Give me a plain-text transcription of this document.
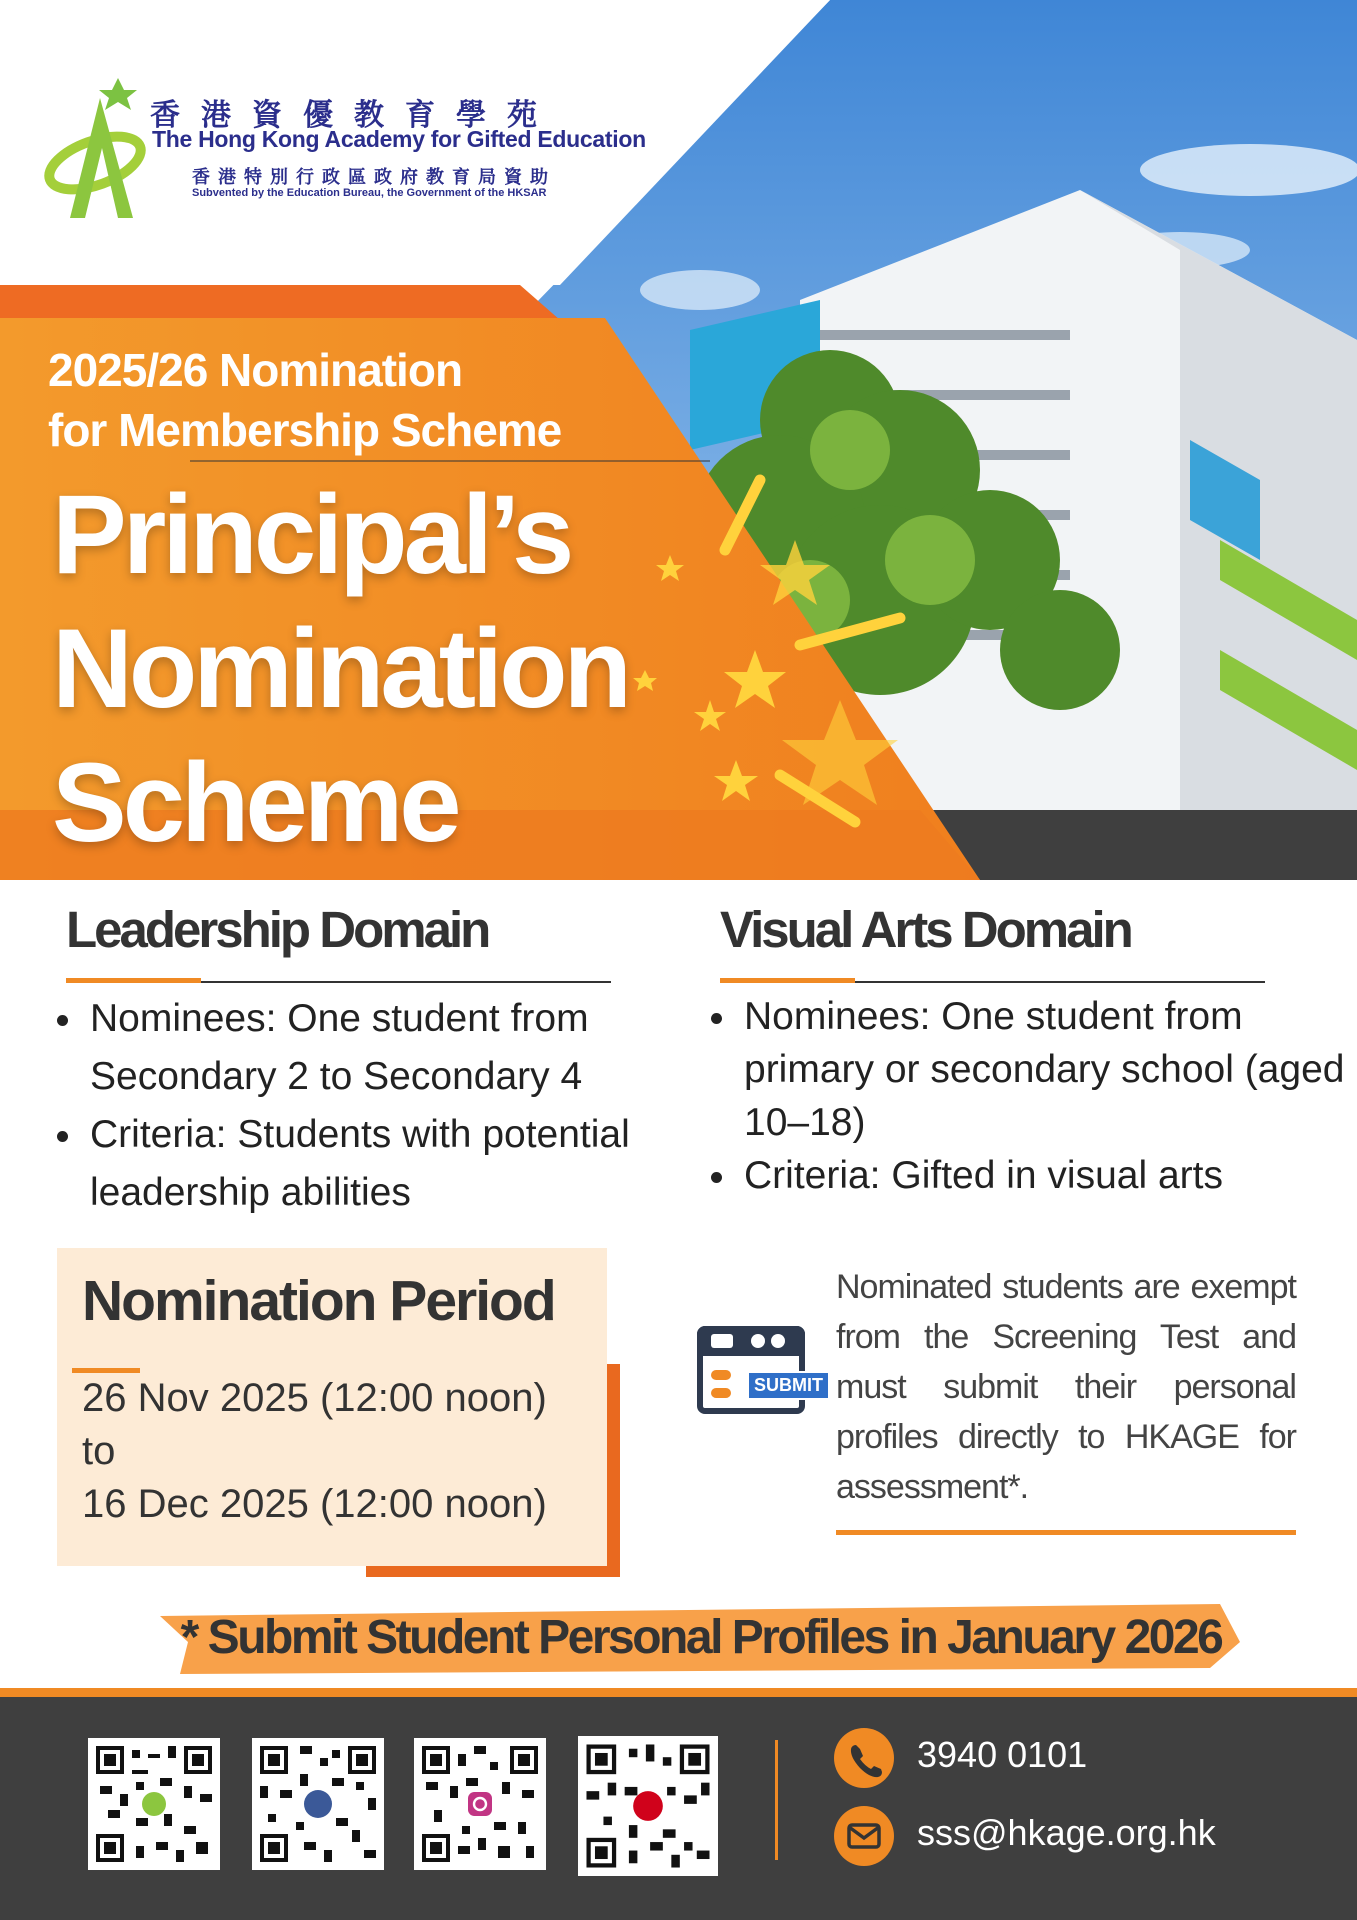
香港資優教育學苑
The Hong Kong Academy for Gifted Education
香港特別行政區政府教育局資助
Subvented by the Education Bureau, the Government of the HKSAR
2025/26 Nomination
for Membership Scheme
Principal’s
Nomination
Scheme
Leadership Domain
• Nominees: One student from Secondary 2 to Secondary 4
• Criteria: Students with potential leadership abilities
Visual Arts Domain
• Nominees: One student from primary or secondary school (aged 10–18)
• Criteria: Gifted in visual arts
Nomination Period
26 Nov 2025 (12:00 noon)
to
16 Dec 2025 (12:00 noon)
SUBMIT
Nominated students are exempt from the Screening Test and must submit their personal profiles directly to HKAGE for assessment*.
* Submit Student Personal Profiles in January 2026
3940 0101
sss@hkage.org.hk
